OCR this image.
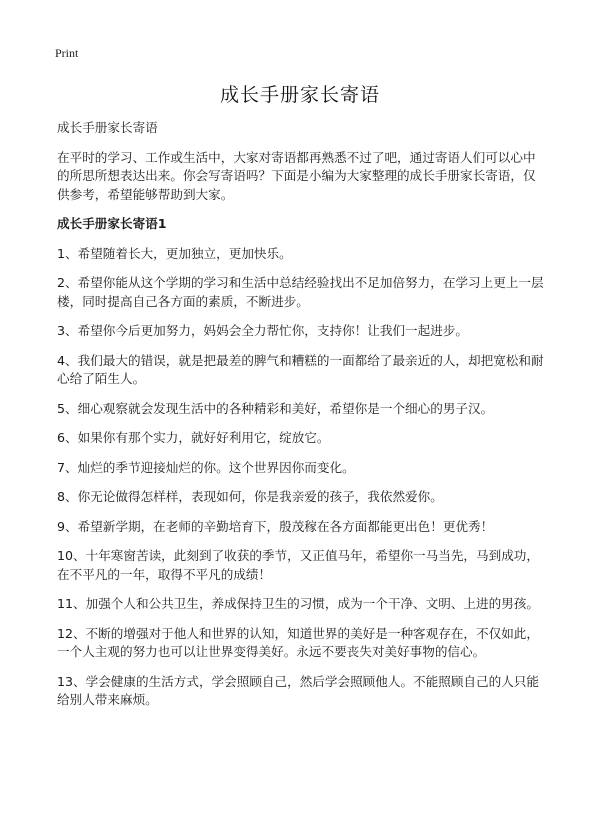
Print
成长手册家长寄语

成长手册家长寄语

在平时的学习、工作或生活中，大家对寄语都再熟悉不过了吧，通过寄语人们可以心中的所思所想表达出来。你会写寄语吗？下面是小编为大家整理的成长手册家长寄语，仅供参考，希望能够帮助到大家。

成长手册家长寄语1

1、希望随着长大，更加独立，更加快乐。

2、希望你能从这个学期的学习和生活中总结经验找出不足加倍努力，在学习上更上一层楼，同时提高自己各方面的素质，不断进步。

3、希望你今后更加努力，妈妈会全力帮忙你，支持你！让我们一起进步。

4、我们最大的错误，就是把最差的脾气和糟糕的一面都给了最亲近的人，却把宽松和耐心给了陌生人。

5、细心观察就会发现生活中的各种精彩和美好，希望你是一个细心的男子汉。

6、如果你有那个实力，就好好利用它，绽放它。

7、灿烂的季节迎接灿烂的你。这个世界因你而变化。

8、你无论做得怎样样，表现如何，你是我亲爱的孩子，我依然爱你。

9、希望新学期，在老师的辛勤培育下，殷茂稼在各方面都能更出色！更优秀！

10、十年寒窗苦读，此刻到了收获的季节，又正值马年，希望你一马当先，马到成功，在不平凡的一年，取得不平凡的成绩！

11、加强个人和公共卫生，养成保持卫生的习惯，成为一个干净、文明、上进的男孩。

12、不断的增强对于他人和世界的认知，知道世界的美好是一种客观存在，不仅如此，一个人主观的努力也可以让世界变得美好。永远不要丧失对美好事物的信心。

13、学会健康的生活方式，学会照顾自己，然后学会照顾他人。不能照顾自己的人只能给别人带来麻烦。
